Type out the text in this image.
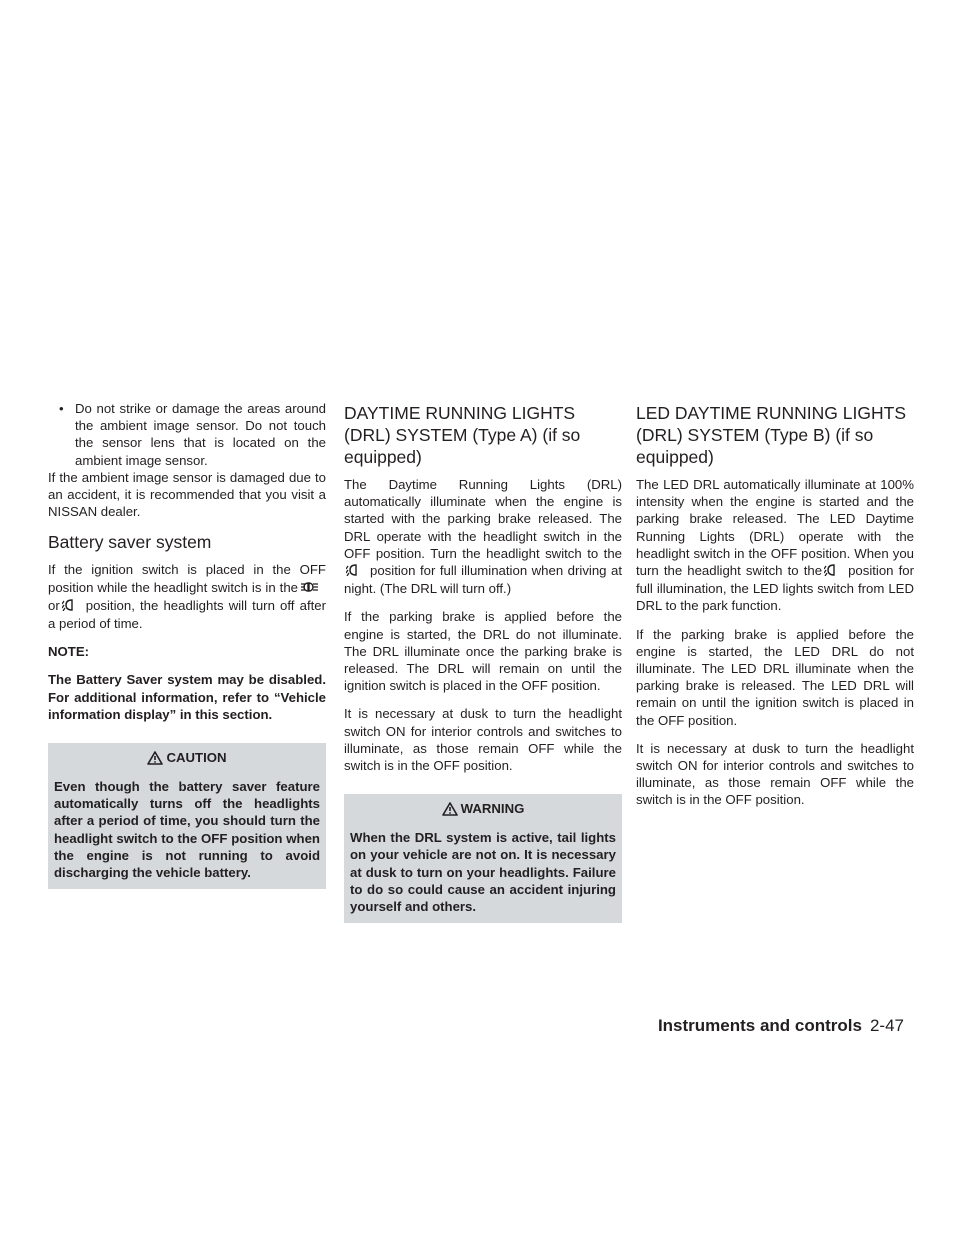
• Do not strike or damage the areas around the ambient image sensor. Do not touch the sensor lens that is located on the ambient image sensor.

If the ambient image sensor is damaged due to an accident, it is recommended that you visit a NISSAN dealer.

Battery saver system

If the ignition switch is placed in the OFF position while the headlight switch is in theor position, the headlights will turn off after a period of time.

NOTE:

The Battery Saver system may be disabled. For additional information, refer to “Vehicle information display” in this section.

CAUTION
Even though the battery saver feature automatically turns off the headlights after a period of time, you should turn the headlight switch to the OFF position when the engine is not running to avoid discharging the vehicle battery.
DAYTIME RUNNING LIGHTS (DRL) SYSTEM (Type A) (if so equipped)

The Daytime Running Lights (DRL) automatically illuminate when the engine is started with the parking brake released. The DRL operate with the headlight switch in the OFF position. Turn the headlight switch to theposition for full illumination when driving at night. (The DRL will turn off.)

If the parking brake is applied before the engine is started, the DRL do not illuminate. The DRL illuminate once the parking brake is released. The DRL will remain on until the ignition switch is placed in the OFF position.

It is necessary at dusk to turn the headlight switch ON for interior controls and switches to illuminate, as those remain OFF while the switch is in the OFF position.

WARNING
When the DRL system is active, tail lights on your vehicle are not on. It is necessary at dusk to turn on your headlights. Failure to do so could cause an accident injuring yourself and others.
LED DAYTIME RUNNING LIGHTS (DRL) SYSTEM (Type B) (if so equipped)

The LED DRL automatically illuminate at 100% intensity when the engine is started and the parking brake released. The LED Daytime Running Lights (DRL) operate with the headlight switch in the OFF position. When you turn the headlight switch to the position for full illumination, the LED lights switch from LED DRL to the park function.

If the parking brake is applied before the engine is started, the LED DRL do not illuminate. The LED DRL illuminate when the parking brake is released. The LED DRL will remain on until the ignition switch is placed in the OFF position.

It is necessary at dusk to turn the headlight switch ON for interior controls and switches to illuminate, as those remain OFF while the switch is in the OFF position.

Instruments and controls 2-47
